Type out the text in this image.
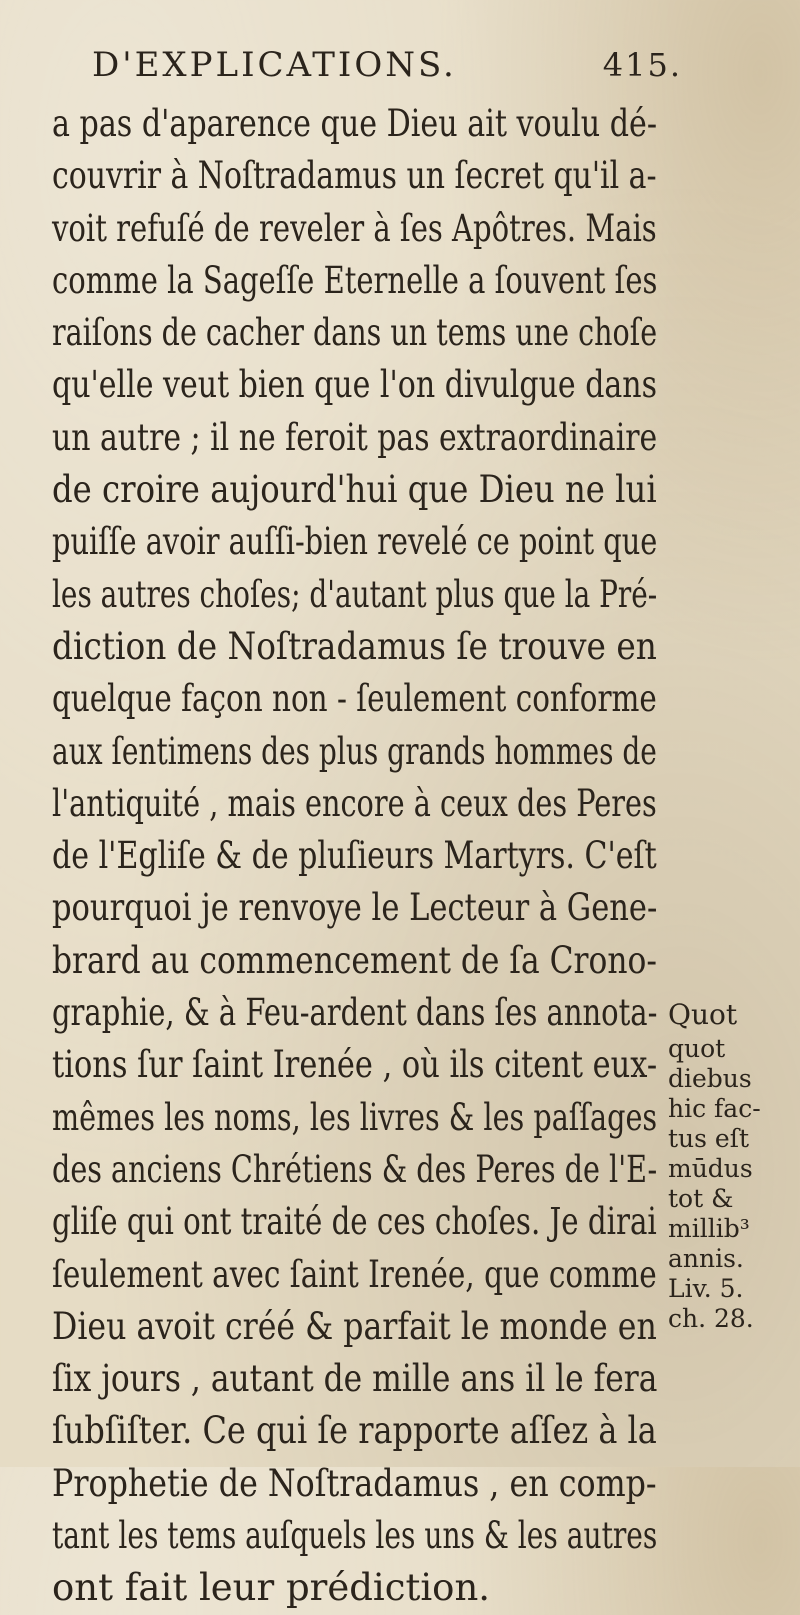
D'EXPLICATIONS.	415.
a pas d'aparence que Dieu ait voulu dé-
couvrir à Noſtradamus un ſecret qu'il a-
voit refuſé de reveler à ſes Apôtres. Mais
comme la Sageſſe Eternelle a ſouvent ſes
raiſons de cacher dans un tems une choſe
qu'elle veut bien que l'on divulgue dans
un autre ; il ne feroit pas extraordinaire
de croire aujourd'hui que Dieu ne lui
puiſſe avoir auſſi-bien revelé ce point que
les autres choſes; d'autant plus que la Pré-
diction de Noſtradamus ſe trouve en
quelque façon non - ſeulement conforme
aux ſentimens des plus grands hommes de
l'antiquité , mais encore à ceux des Peres
de l'Egliſe & de pluſieurs Martyrs. C'eſt
pourquoi je renvoye le Lecteur à Gene-
brard au commencement de ſa Crono-
graphie, & à Feu-ardent dans ſes annota-
tions ſur ſaint Irenée , où ils citent eux-
mêmes les noms, les livres & les paſſages
des anciens Chrétiens & des Peres de l'E-
gliſe qui ont traité de ces choſes. Je dirai
ſeulement avec ſaint Irenée, que comme
Dieu avoit créé & parfait le monde en
ſix jours , autant de mille ans il le fera
ſubſiſter. Ce qui ſe rapporte aſſez à la
Prophetie de Noſtradamus , en comp-
tant les tems auſquels les uns & les autres
ont fait leur prédiction.
Quot
quot
diebus
hic fac-
tus eſt
mūdus
tot &
millib³
annis.
Liv. 5.
ch. 28.
